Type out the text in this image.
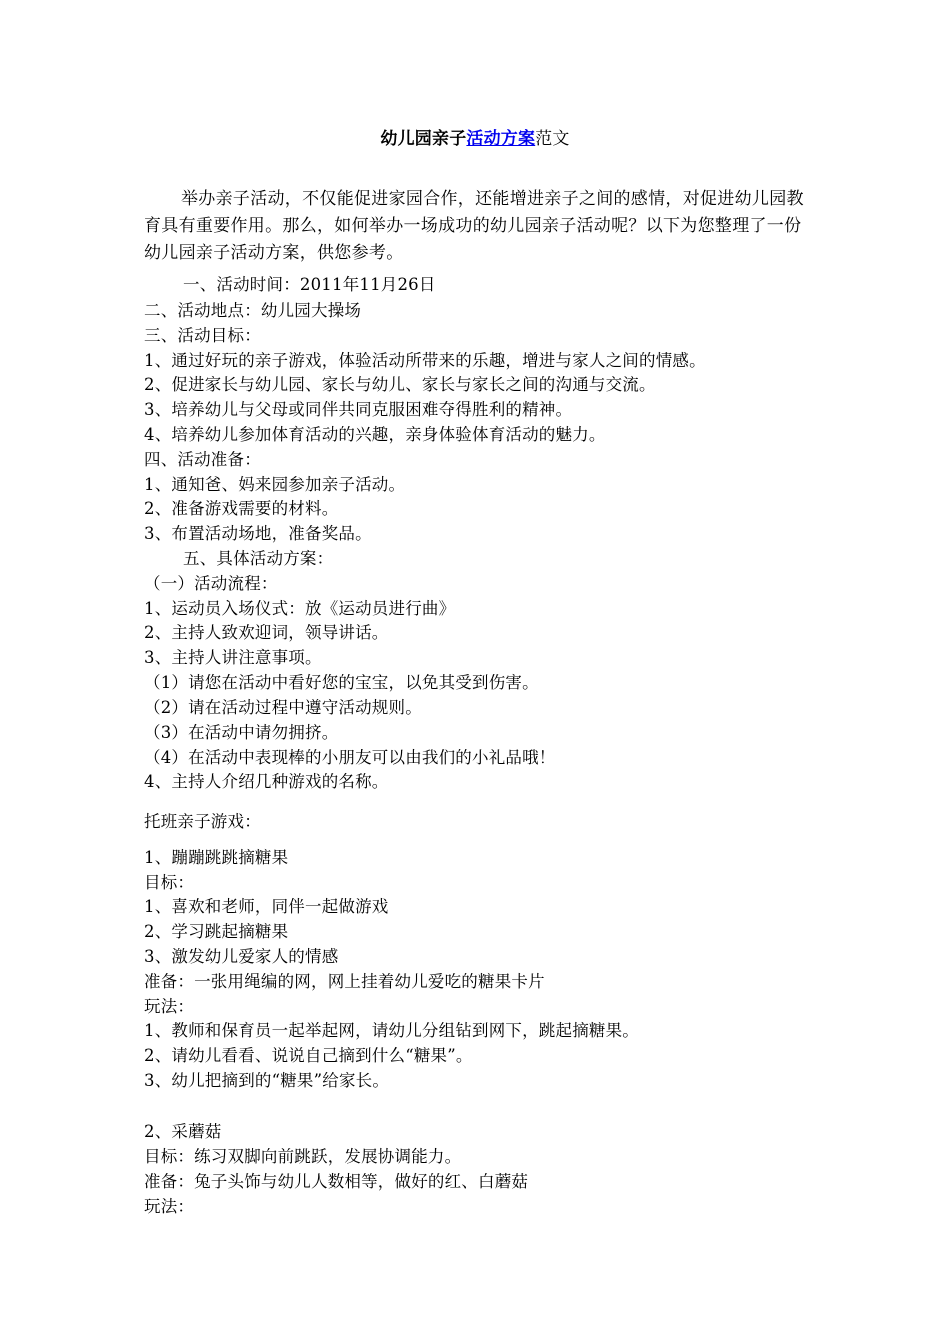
幼儿园亲子活动方案范文
举办亲子活动，不仅能促进家园合作，还能增进亲子之间的感情，对促进幼儿园教育具有重要作用。那么，如何举办一场成功的幼儿园亲子活动呢？以下为您整理了一份幼儿园亲子活动方案，供您参考。
一、活动时间：2011年11月26日
二、活动地点：幼儿园大操场
三、活动目标：
1、通过好玩的亲子游戏，体验活动所带来的乐趣，增进与家人之间的情感。
2、促进家长与幼儿园、家长与幼儿、家长与家长之间的沟通与交流。
3、培养幼儿与父母或同伴共同克服困难夺得胜利的精神。
4、培养幼儿参加体育活动的兴趣，亲身体验体育活动的魅力。
四、活动准备：
1、通知爸、妈来园参加亲子活动。
2、准备游戏需要的材料。
3、布置活动场地，准备奖品。
五、具体活动方案：
（一）活动流程：
1、运动员入场仪式：放《运动员进行曲》
2、主持人致欢迎词，领导讲话。
3、主持人讲注意事项。
（1）请您在活动中看好您的宝宝，以免其受到伤害。
（2）请在活动过程中遵守活动规则。
（3）在活动中请勿拥挤。
（4）在活动中表现棒的小朋友可以由我们的小礼品哦！
4、主持人介绍几种游戏的名称。
托班亲子游戏：
1、蹦蹦跳跳摘糖果
目标：
1、喜欢和老师，同伴一起做游戏
2、学习跳起摘糖果
3、激发幼儿爱家人的情感
准备：一张用绳编的网，网上挂着幼儿爱吃的糖果卡片
玩法：
1、教师和保育员一起举起网，请幼儿分组钻到网下，跳起摘糖果。
2、请幼儿看看、说说自己摘到什么“糖果”。
3、幼儿把摘到的“糖果”给家长。
2、采蘑菇
目标：练习双脚向前跳跃，发展协调能力。
准备：兔子头饰与幼儿人数相等，做好的红、白蘑菇
玩法：
